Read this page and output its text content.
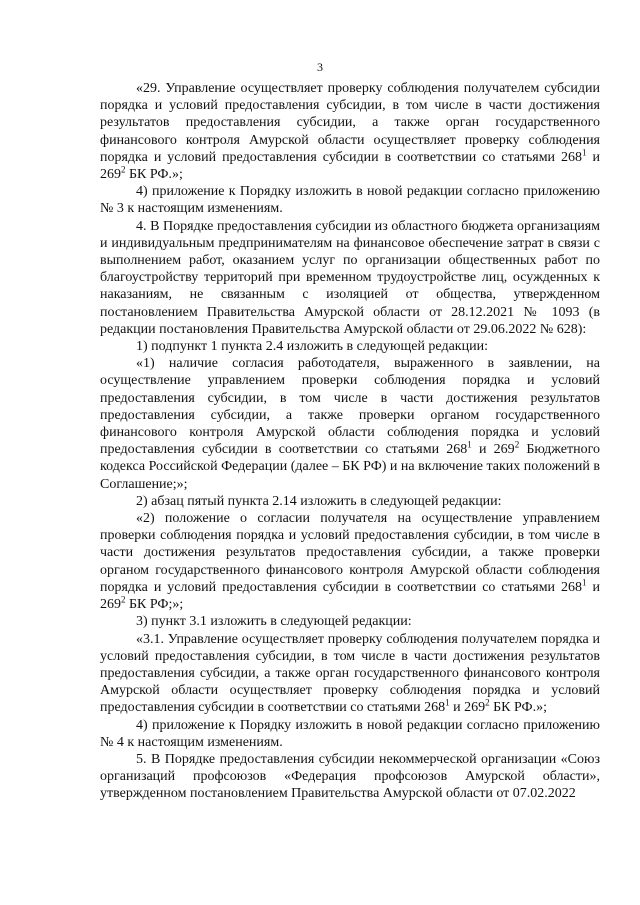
3

«29. Управление осуществляет проверку соблюдения получателем субсидии порядка и условий предоставления субсидии, в том числе в части достижения результатов предоставления субсидии, а также орган государственного финансового контроля Амурской области осуществляет проверку соблюдения порядка и условий предоставления субсидии в соответствии со статьями $268^1$ и $269^2$ БК РФ.»;

4) приложение к Порядку изложить в новой редакции согласно приложению № 3 к настоящим изменениям.

4. В Порядке предоставления субсидии из областного бюджета организациям и индивидуальным предпринимателям на финансовое обеспечение затрат в связи с выполнением работ, оказанием услуг по организации общественных работ по благоустройству территорий при временном трудоустройстве лиц, осужденных к наказаниям, не связанным с изоляцией от общества, утвержденном постановлением Правительства Амурской области от 28.12.2021 № 1093 (в редакции постановления Правительства Амурской области от 29.06.2022 № 628):

1) подпункт 1 пункта 2.4 изложить в следующей редакции:

«1) наличие согласия работодателя, выраженного в заявлении, на осуществление управлением проверки соблюдения порядка и условий предоставления субсидии, в том числе в части достижения результатов предоставления субсидии, а также проверки органом государственного финансового контроля Амурской области соблюдения порядка и условий предоставления субсидии в соответствии со статьями $268^1$ и $269^2$ Бюджетного кодекса Российской Федерации (далее – БК РФ) и на включение таких положений в Соглашение;»;

2) абзац пятый пункта 2.14 изложить в следующей редакции:

«2) положение о согласии получателя на осуществление управлением проверки соблюдения порядка и условий предоставления субсидии, в том числе в части достижения результатов предоставления субсидии, а также проверки органом государственного финансового контроля Амурской области соблюдения порядка и условий предоставления субсидии в соответствии со статьями $268^1$ и $269^2$ БК РФ;»;

3) пункт 3.1 изложить в следующей редакции:

«3.1. Управление осуществляет проверку соблюдения получателем порядка и условий предоставления субсидии, в том числе в части достижения результатов предоставления субсидии, а также орган государственного финансового контроля Амурской области осуществляет проверку соблюдения порядка и условий предоставления субсидии в соответствии со статьями $268^1$ и $269^2$ БК РФ.»;

4) приложение к Порядку изложить в новой редакции согласно приложению № 4 к настоящим изменениям.

5. В Порядке предоставления субсидии некоммерческой организации «Союз организаций профсоюзов «Федерация профсоюзов Амурской области», утвержденном постановлением Правительства Амурской области от 07.02.2022
